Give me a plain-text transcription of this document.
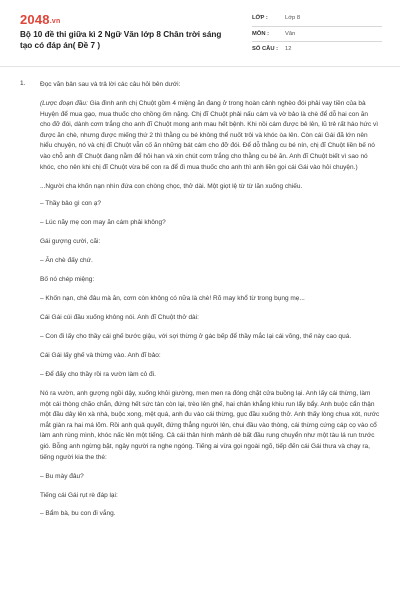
2048.vn
Bộ 10 đề thi giữa kì 2 Ngữ Văn lớp 8 Chân trời sáng tạo có đáp án( Đề 7 )
LỚP :	Lớp 8
MÔN :	Văn
SỐ CÂU :	12
1. Đọc văn bản sau và trả lời các câu hỏi bên dưới:

(Lược đoạn đầu: Gia đình anh chị Chuột gồm 4 miệng ăn đang ở trong hoàn cảnh nghèo đói phải vay tiền của bà Huyện để mua gạo, mua thuốc cho chồng ốm nặng. Chị đĩ Chuột phải nấu cám và vờ bảo là chè để dỗ hai con ăn cho đỡ đói, dành cơm trắng cho anh đĩ Chuột mong anh mau hết bệnh. Khi nồi cám được bê lên, lũ trẻ rất háo hức vì được ăn chè, nhưng được miếng thứ 2 thì thằng cu bé không thể nuốt trôi và khóc òa lên. Còn cái Gái đã lớn nên hiểu chuyện, nó và chị đĩ Chuột vẫn cố ăn những bát cám cho đỡ đói. Để dỗ thằng cu bé nín, chị đĩ Chuột liền bế nó vào chỗ anh đĩ Chuột đang nằm để hỏi han và xin chút cơm trắng cho thằng cu bé ăn. Anh đĩ Chuột biết vì sao nó khóc, cho nên khi chị đĩ Chuột vừa bế con ra để đi mua thuốc cho anh thì anh liền gọi cái Gái vào hỏi chuyện.)

...Người cha khốn nạn nhìn đứa con chòng chọc, thở dài. Một giọt lệ từ từ lăn xuống chiếu.

– Thầy bảo gì con ạ?

– Lúc nãy mẹ con may ăn cám phải không?

Gái gượng cười, cãi:

– Ăn chè đấy chứ.

Bố nó chép miệng:

– Khốn nạn, chè đâu mà ăn, cơm còn không có nữa là chè! Rõ may khổ từ trong bụng mẹ...

Cái Gái cúi đầu xuống không nói. Anh đĩ Chuột thở dài:

– Con đi lấy cho thầy cái ghế bước giậu, với sợi thừng ở gác bếp để thầy mắc lại cái võng, thế này cao quá.

Cái Gái lấy ghế và thừng vào. Anh đĩ bảo:

– Để đấy cho thầy rồi ra vườn làm cỏ đi.

Nó ra vườn, anh gượng ngồi dậy, xuống khỏi giường, men men ra đóng chặt cửa buồng lại. Anh lấy cái thừng, làm một cái thòng chão chắn, đứng hết sức tàn còn lại, trèo lên ghế, hai chân khẳng khiu run lẩy bẩy. Anh buộc cẩn thận một đầu dây lên xà nhà, buộc xong, mệt quá, anh đu vào cái thừng, gục đầu xuống thở. Anh thấy lòng chua xót, nước mắt giàn ra hai má lõm. Rồi anh quả quyết, đứng thẳng người lên, chui đầu vào thòng, cái thừng cứng cáp cọ vào cổ làm anh rùng mình, khóc nấc lên một tiếng. Cả cái thân hình mảnh dẻ bất đầu rung chuyển như một tàu lá run trước gió. Bỗng anh ngừng bặt, ngây người ra nghe ngóng. Tiếng ai vừa gọi ngoài ngõ, tiếp đến cái Gái thưa và chạy ra, tiếng người kia the thé:

– Bu mày đâu?

Tiếng cái Gái rụt rè đáp lại:

– Bẩm bà, bu con đi vắng.
